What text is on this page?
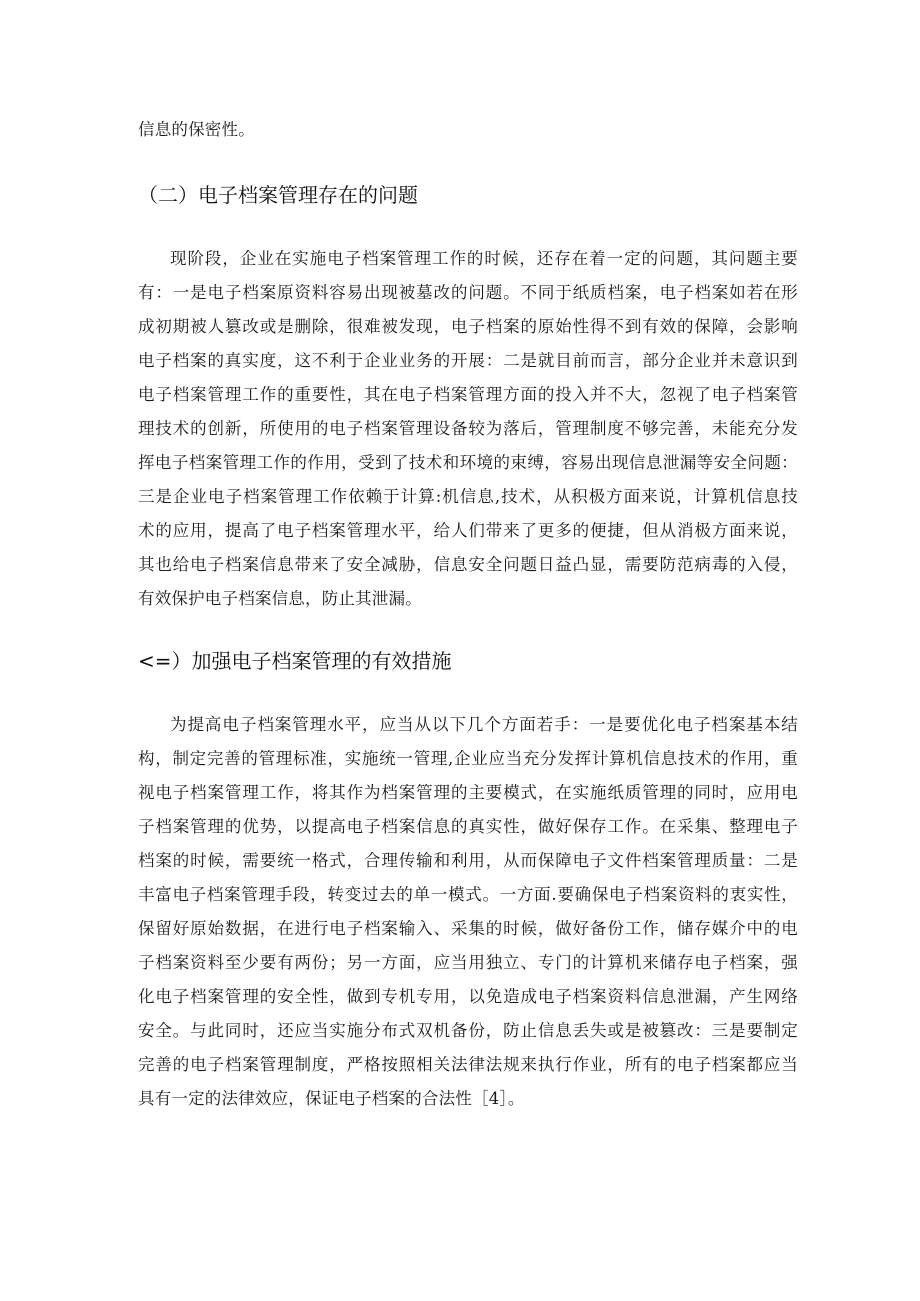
信息的保密性。
（二）电子档案管理存在的问题
现阶段，企业在实施电子档案管理工作的时候，还存在着一定的问题，其问题主要
有：一是电子档案原资料容易出现被墓改的问题。不同于纸质档案，电子档案如若在形
成初期被人篡改或是删除，很难被发现，电子档案的原始性得不到有效的保障，会影响
电子档案的真实度，这不利于企业业务的开展：二是就目前而言，部分企业并未意识到
电子档案管理工作的重要性，其在电子档案管理方面的投入并不大，忽视了电子档案管
理技术的创新，所使用的电子档案管理设备较为落后，管理制度不够完善，未能充分发
挥电子档案管理工作的作用，受到了技术和环境的束缚，容易出现信息泄漏等安全问题：
三是企业电子档案管理工作依赖于计算:机信息,技术，从积极方面来说，计算机信息技
术的应用，提高了电子档案管理水平，给人们带来了更多的便捷，但从消极方面来说，
其也给电子档案信息带来了安全减胁，信息安全问题日益凸显，需要防范病毒的入侵，
有效保护电子档案信息，防止其泄漏。
<=）加强电子档案管理的有效措施
为提高电子档案管理水平，应当从以下几个方面若手：一是要优化电子档案基本结
构，制定完善的管理标准，实施统一管理,企业应当充分发挥计算机信息技术的作用，重
视电子档案管理工作，将其作为档案管理的主要模式，在实施纸质管理的同时，应用电
子档案管理的优势，以提高电子档案信息的真实性，做好保存工作。在采集、整理电子
档案的时候，需要统一格式，合理传输和利用，从而保障电子文件档案管理质量：二是
丰富电子档案管理手段，转变过去的单一模式。一方面.要确保电子档案资料的衷实性，
保留好原始数据，在进行电子档案输入、采集的时候，做好备份工作，储存媒介中的电
子档案资料至少要有两份；另一方面，应当用独立、专门的计算机来储存电子档案，强
化电子档案管理的安全性，做到专机专用，以免造成电子档案资料信息泄漏，产生网络
安全。与此同时，还应当实施分布式双机备份，防止信息丢失或是被篡改：三是要制定
完善的电子档案管理制度，严格按照相关法律法规来执行作业，所有的电子档案都应当
具有一定的法律效应，保证电子档案的合法性［4］。
